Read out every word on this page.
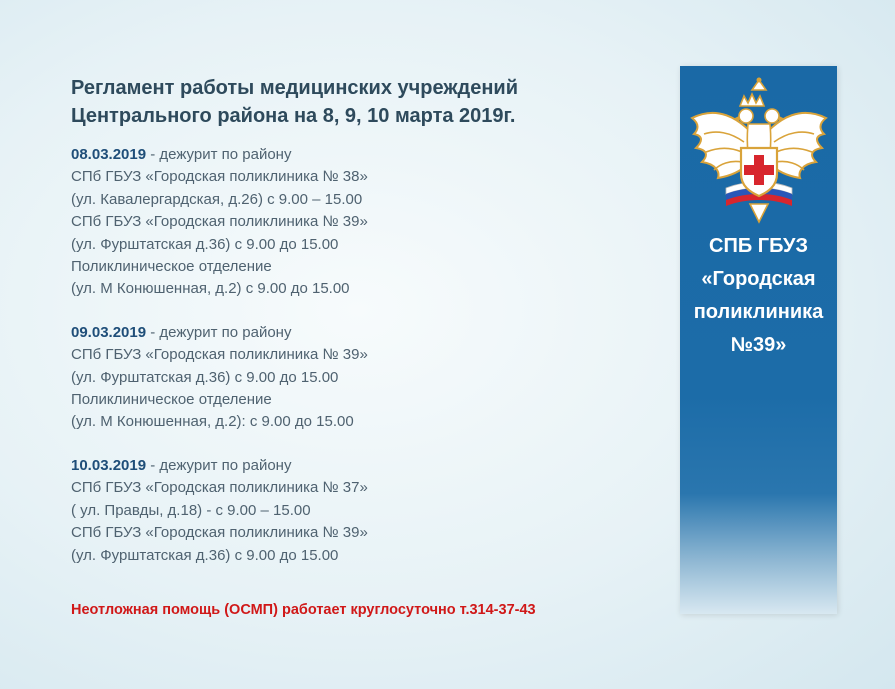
Регламент работы медицинских учреждений
Центрального района на 8, 9, 10 марта 2019г.
08.03.2019 - дежурит по району
СПб ГБУЗ «Городская поликлиника № 38»
(ул. Кавалергардская, д.26) с 9.00 – 15.00
СПб ГБУЗ «Городская поликлиника № 39»
(ул. Фурштатская д.36) с 9.00 до 15.00
Поликлиническое отделение
(ул. М Конюшенная, д.2) с 9.00 до 15.00
09.03.2019 - дежурит по району
СПб ГБУЗ «Городская поликлиника № 39»
(ул. Фурштатская д.36) с 9.00 до 15.00
Поликлиническое отделение
(ул. М Конюшенная, д.2): с 9.00 до 15.00
10.03.2019 - дежурит по району
СПб ГБУЗ «Городская поликлиника № 37»
( ул. Правды, д.18) - с 9.00 – 15.00
СПб ГБУЗ «Городская поликлиника № 39»
(ул. Фурштатская д.36) с 9.00 до 15.00
Неотложная помощь (ОСМП) работает круглосуточно т.314-37-43
СПБ ГБУЗ
«Городская
поликлиника
№39»
